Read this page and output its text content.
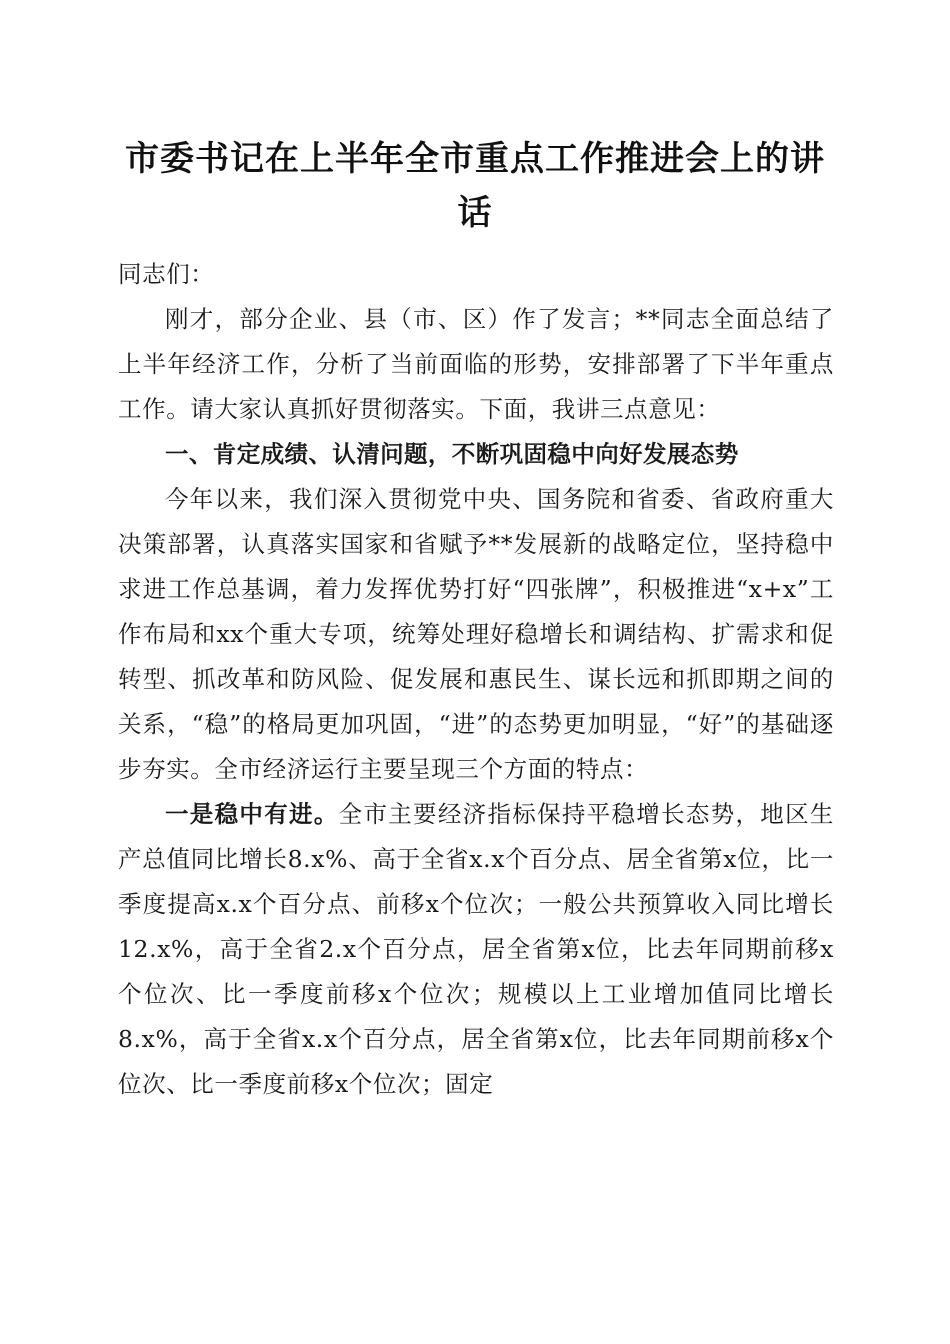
市委书记在上半年全市重点工作推进会上的讲话

同志们：

刚才，部分企业、县（市、区）作了发言；**同志全面总结了上半年经济工作，分析了当前面临的形势，安排部署了下半年重点工作。请大家认真抓好贯彻落实。下面，我讲三点意见：

一、肯定成绩、认清问题，不断巩固稳中向好发展态势

今年以来，我们深入贯彻党中央、国务院和省委、省政府重大决策部署，认真落实国家和省赋予**发展新的战略定位，坚持稳中求进工作总基调，着力发挥优势打好“四张牌”，积极推进“x+x”工作布局和xx个重大专项，统筹处理好稳增长和调结构、扩需求和促转型、抓改革和防风险、促发展和惠民生、谋长远和抓即期之间的关系，“稳”的格局更加巩固，“进”的态势更加明显，“好”的基础逐步夯实。全市经济运行主要呈现三个方面的特点：

一是稳中有进。全市主要经济指标保持平稳增长态势，地区生产总值同比增长8.x%、高于全省x.x个百分点、居全省第x位，比一季度提高x.x个百分点、前移x个位次；一般公共预算收入同比增长12.x%，高于全省2.x个百分点，居全省第x位，比去年同期前移x个位次、比一季度前移x个位次；规模以上工业增加值同比增长8.x%，高于全省x.x个百分点，居全省第x位，比去年同期前移x个位次、比一季度前移x个位次；固定
